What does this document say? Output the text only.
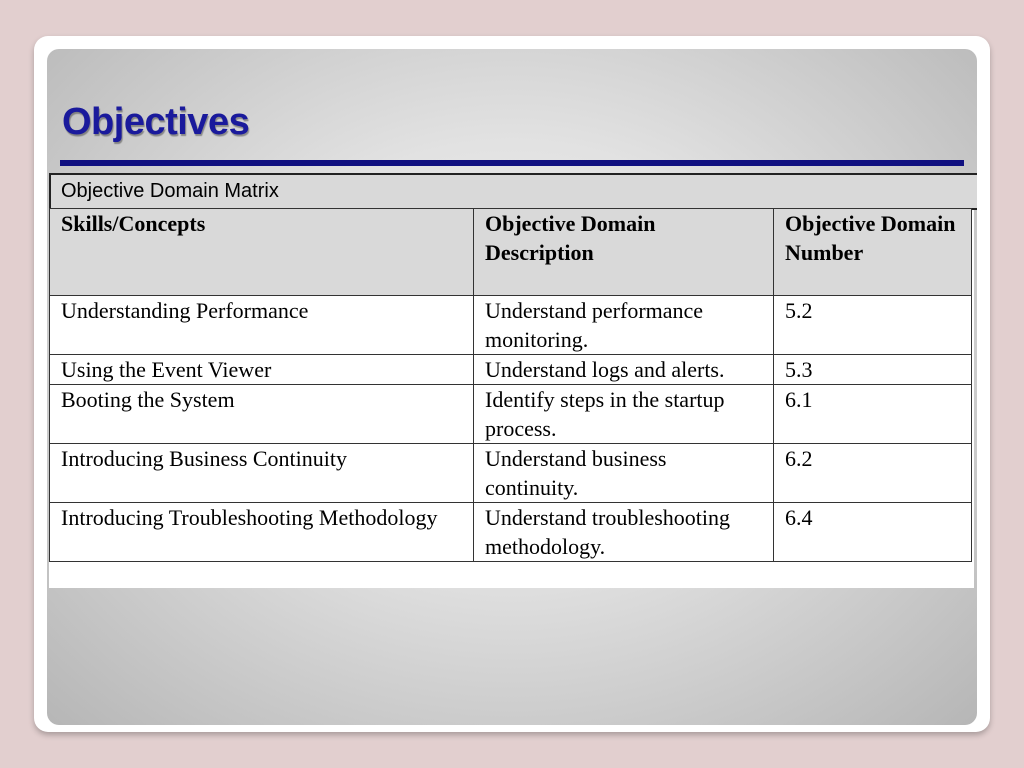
Objectives
Objective Domain Matrix
Skills/Concepts	Objective Domain Description	Objective Domain Number
Understanding Performance	Understand performance monitoring.	5.2
Using the Event Viewer	Understand logs and alerts.	5.3
Booting the System	Identify steps in the startup process.	6.1
Introducing Business Continuity	Understand business continuity.	6.2
Introducing Troubleshooting Methodology	Understand troubleshooting methodology.	6.4
